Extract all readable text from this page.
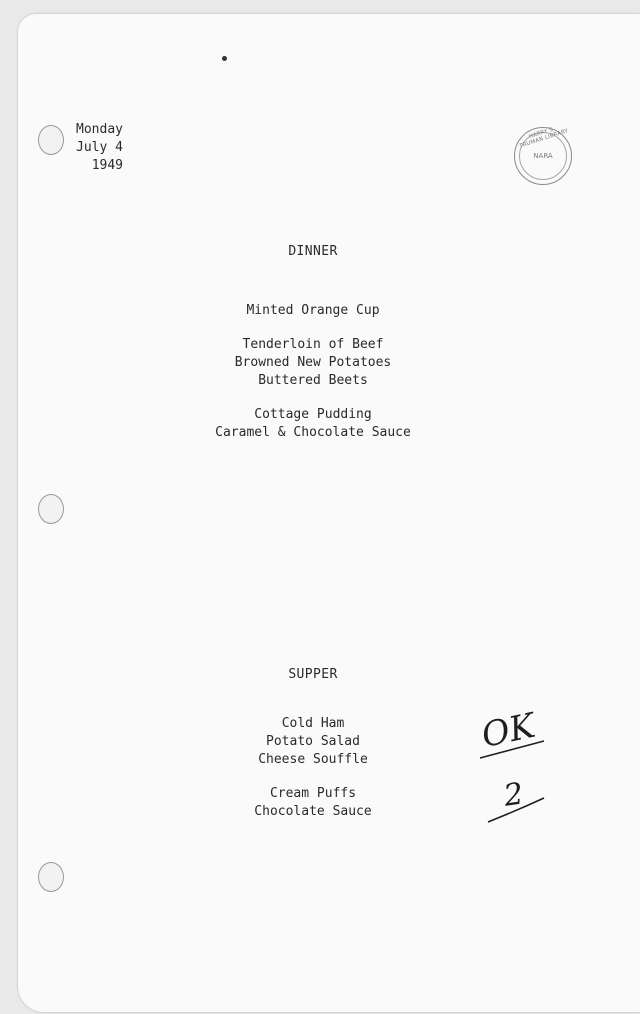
Monday
July 4
1949
HARRY S. TRUMAN LIBRARY
NARA
DINNER
Minted Orange Cup
Tenderloin of Beef
Browned New Potatoes
Buttered Beets
Cottage Pudding
Caramel & Chocolate Sauce
SUPPER
Cold Ham
Potato Salad
Cheese Souffle
Cream Puffs
Chocolate Sauce
OK
2
